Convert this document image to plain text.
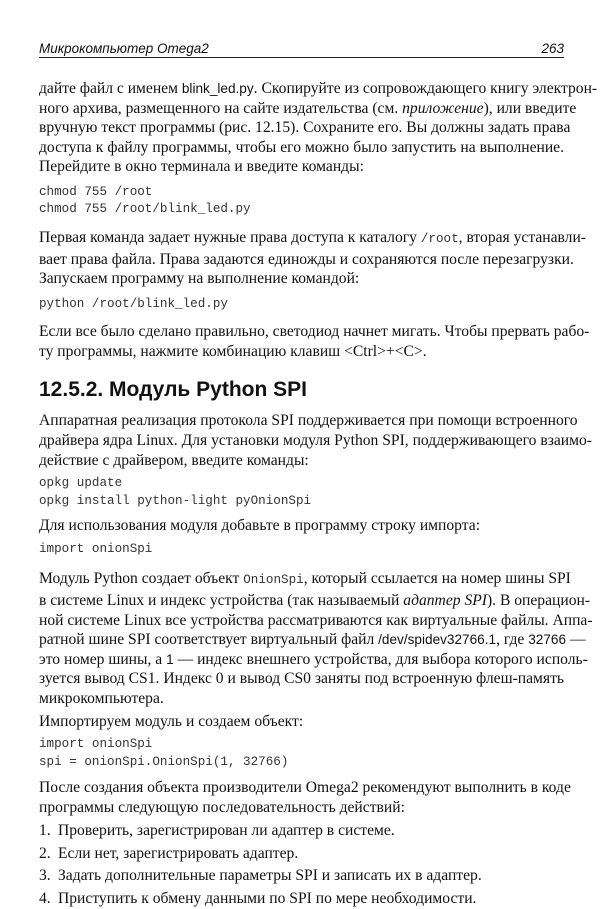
Микрокомпьютер Omega2	263
дайте файл с именем blink_led.py. Скопируйте из сопровождающего книгу электрон-
ного архива, размещенного на сайте издательства (см. приложение), или введите
вручную текст программы (рис. 12.15). Сохраните его. Вы должны задать права
доступа к файлу программы, чтобы его можно было запустить на выполнение.
Перейдите в окно терминала и введите команды:
chmod 755 /root
chmod 755 /root/blink_led.py
Первая команда задает нужные права доступа к каталогу /root, вторая устанавли-
вает права файла. Права задаются единожды и сохраняются после перезагрузки.
Запускаем программу на выполнение командой:
python /root/blink_led.py
Если все было сделано правильно, светодиод начнет мигать. Чтобы прервать рабо-
ту программы, нажмите комбинацию клавиш <Ctrl>+<C>.
12.5.2. Модуль Python SPI
Аппаратная реализация протокола SPI поддерживается при помощи встроенного
драйвера ядра Linux. Для установки модуля Python SPI, поддерживающего взаимо-
действие с драйвером, введите команды:
opkg update
opkg install python-light pyOnionSpi
Для использования модуля добавьте в программу строку импорта:
import onionSpi
Модуль Python создает объект OnionSpi, который ссылается на номер шины SPI
в системе Linux и индекс устройства (так называемый адаптер SPI). В операцион-
ной системе Linux все устройства рассматриваются как виртуальные файлы. Аппа-
ратной шине SPI соответствует виртуальный файл /dev/spidev32766.1, где 32766 —
это номер шины, а 1 — индекс внешнего устройства, для выбора которого исполь-
зуется вывод CS1. Индекс 0 и вывод CS0 заняты под встроенную флеш-память
микрокомпьютера.
Импортируем модуль и создаем объект:
import onionSpi
spi = onionSpi.OnionSpi(1, 32766)
После создания объекта производители Omega2 рекомендуют выполнить в коде
программы следующую последовательность действий:
1. Проверить, зарегистрирован ли адаптер в системе.
2. Если нет, зарегистрировать адаптер.
3. Задать дополнительные параметры SPI и записать их в адаптер.
4. Приступить к обмену данными по SPI по мере необходимости.
